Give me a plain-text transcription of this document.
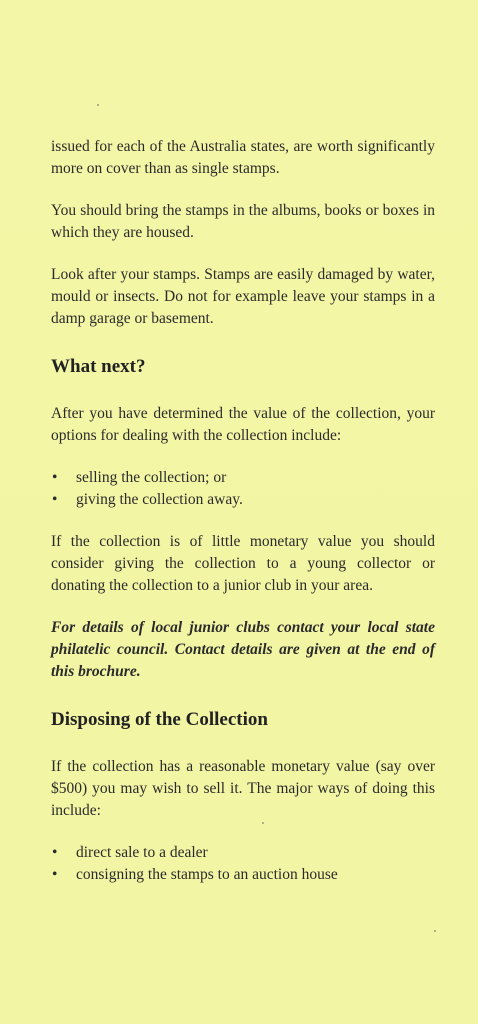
issued for each of the Australia states, are worth significantly more on cover than as single stamps.

You should bring the stamps in the albums, books or boxes in which they are housed.

Look after your stamps. Stamps are easily damaged by water, mould or insects. Do not for example leave your stamps in a damp garage or basement.

What next?

After you have determined the value of the collection, your options for dealing with the collection include:

• selling the collection; or
• giving the collection away.

If the collection is of little monetary value you should consider giving the collection to a young collector or donating the collection to a junior club in your area.

For details of local junior clubs contact your local state philatelic council. Contact details are given at the end of this brochure.

Disposing of the Collection

If the collection has a reasonable monetary value (say over $500) you may wish to sell it. The major ways of doing this include:

• direct sale to a dealer
• consigning the stamps to an auction house
